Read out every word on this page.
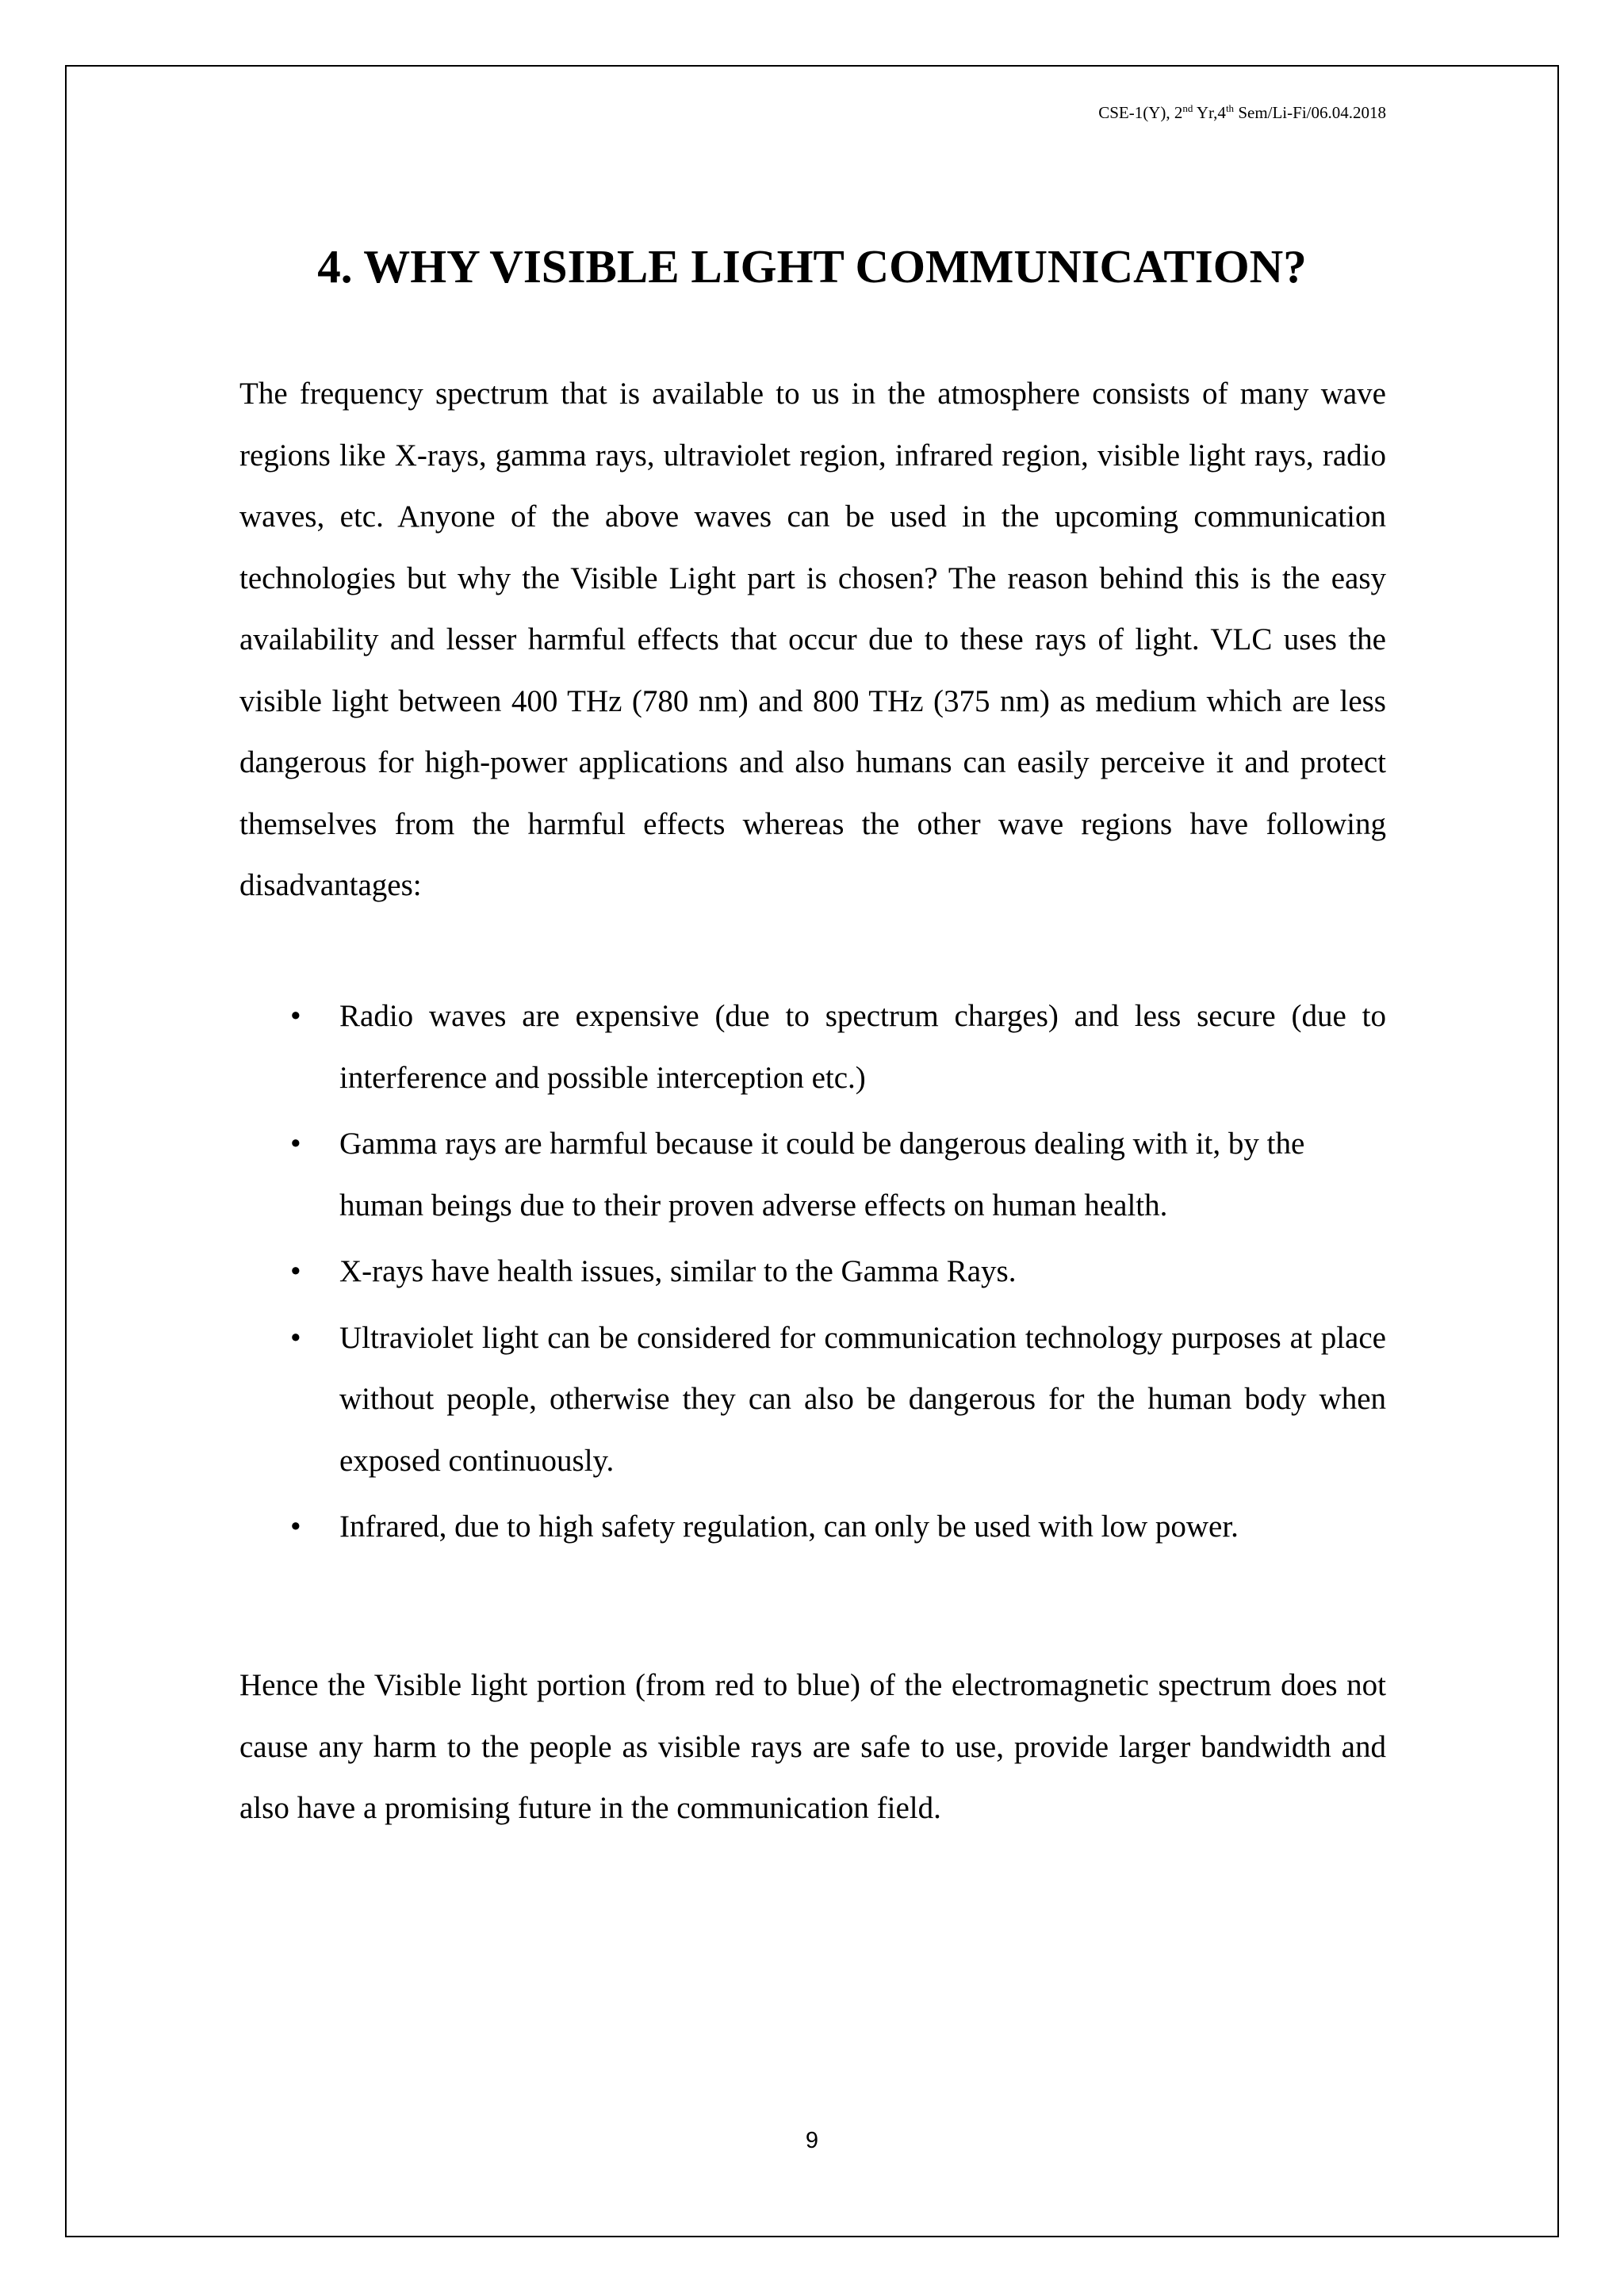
CSE-1(Y), 2nd Yr,4th Sem/Li-Fi/06.04.2018
4. WHY VISIBLE LIGHT COMMUNICATION?

The frequency spectrum that is available to us in the atmosphere consists of many wave regions like X-rays, gamma rays, ultraviolet region, infrared region, visible light rays, radio waves, etc. Anyone of the above waves can be used in the upcoming communication technologies but why the Visible Light part is chosen? The reason behind this is the easy availability and lesser harmful effects that occur due to these rays of light. VLC uses the visible light between 400 THz (780 nm) and 800 THz (375 nm) as medium which are less dangerous for high-power applications and also humans can easily perceive it and protect themselves from the harmful effects whereas the other wave regions have following disadvantages:

• Radio waves are expensive (due to spectrum charges) and less secure (due to interference and possible interception etc.)
• Gamma rays are harmful because it could be dangerous dealing with it, by the human beings due to their proven adverse effects on human health.
• X-rays have health issues, similar to the Gamma Rays.
• Ultraviolet light can be considered for communication technology purposes at place without people, otherwise they can also be dangerous for the human body when exposed continuously.
• Infrared, due to high safety regulation, can only be used with low power.

Hence the Visible light portion (from red to blue) of the electromagnetic spectrum does not cause any harm to the people as visible rays are safe to use, provide larger bandwidth and also have a promising future in the communication field.

9
